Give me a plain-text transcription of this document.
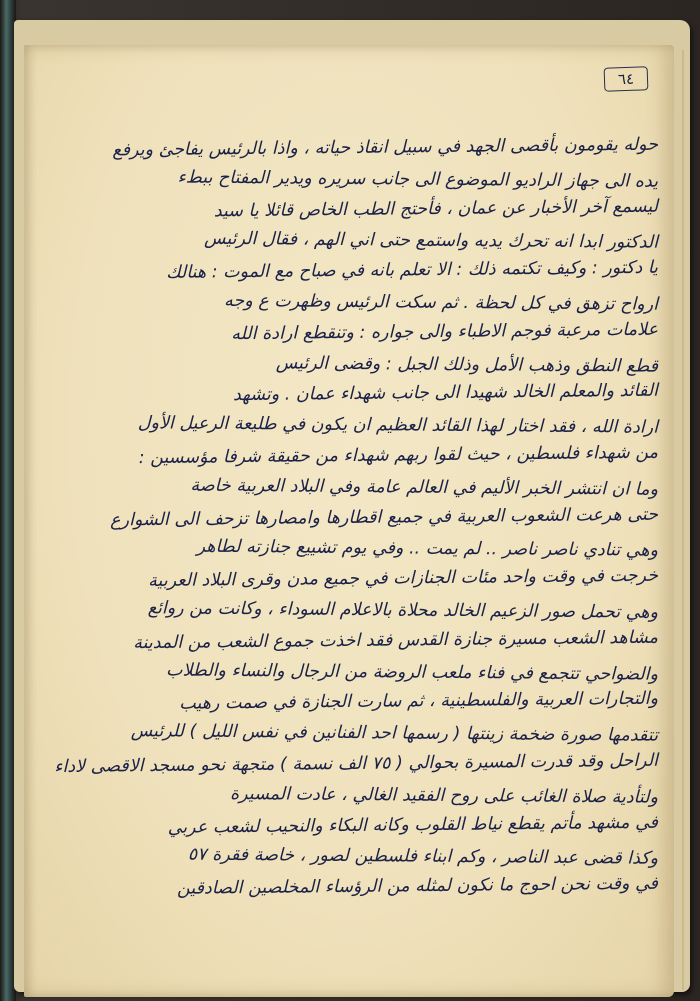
٦٤
حوله يقومون بأقصى الجهد في سبيل انقاذ حياته ، واذا بالرئيس يفاجئ ويرفع
يده الى جهاز الراديو الموضوع الى جانب سريره ويدير المفتاح ببطء
ليسمع آخر الأخبار عن عمان ، فأحتج الطب الخاص قائلا يا سيد
الدكتور ابدا انه تحرك يديه واستمع حتى اني الهم ، فقال الرئيس
يا دكتور : وكيف تكتمه ذلك : الا تعلم بانه في صباح مع الموت : هنالك
ارواح تزهق في كل لحظة . ثم سكت الرئيس وظهرت ع وجه
علامات مرعبة فوجم الاطباء والى جواره : وتنقطع ارادة الله
قطع النطق وذهب الأمل وذلك الجبل : وقضى الرئيس
القائد والمعلم الخالد شهيدا الى جانب شهداء عمان . وتشهد
ارادة الله ، فقد اختار لهذا القائد العظيم ان يكون في طليعة الرعيل الأول
من شهداء فلسطين ، حيث لقوا ربهم شهداء من حقيقة شرفا مؤسسين :
وما ان انتشر الخبر الأليم في العالم عامة وفي البلاد العربية خاصة
حتى هرعت الشعوب العربية في جميع اقطارها وامصارها تزحف الى الشوارع
وهي تنادي ناصر ناصر .. لم يمت .. وفي يوم تشييع جنازته لطاهر
خرجت في وقت واحد مئات الجنازات في جميع مدن وقرى البلاد العربية
وهي تحمل صور الزعيم الخالد محلاة بالاعلام السوداء ، وكانت من روائع
مشاهد الشعب مسيرة جنازة القدس فقد اخذت جموع الشعب من المدينة
والضواحي تتجمع في فناء ملعب الروضة من الرجال والنساء والطلاب
والتجارات العربية والفلسطينية ، ثم سارت الجنازة في صمت رهيب
تتقدمها صورة ضخمة زينتها ( رسمها احد الفنانين في نفس الليل ) للرئيس
الراحل وقد قدرت المسيرة بحوالي ( ٧٥ الف نسمة ) متجهة نحو مسجد الاقصى لاداء
ولتأدية صلاة الغائب على روح الفقيد الغالي ، عادت المسيرة
في مشهد مأتم يقطع نياط القلوب وكانه البكاء والنحيب لشعب عربي
وكذا قضى عبد الناصر ، وكم ابناء فلسطين لصور ، خاصة فقرة ٥٧
في وقت نحن احوج ما نكون لمثله من الرؤساء المخلصين الصادقين
